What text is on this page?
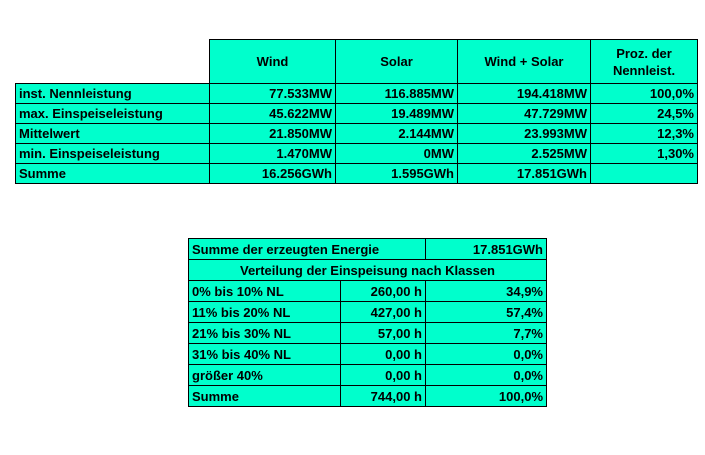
	Wind	Solar	Wind + Solar	Proz. der Nennleist.
inst. Nennleistung	77.533MW	116.885MW	194.418MW	100,0%
max. Einspeiseleistung	45.622MW	19.489MW	47.729MW	24,5%
Mittelwert	21.850MW	2.144MW	23.993MW	12,3%
min. Einspeiseleistung	1.470MW	0MW	2.525MW	1,30%
Summe	16.256GWh	1.595GWh	17.851GWh	
Summe der erzeugten Energie		17.851GWh
Verteilung der Einspeisung nach Klassen		
0% bis 10% NL	260,00 h	34,9%
11% bis 20% NL	427,00 h	57,4%
21% bis 30% NL	57,00 h	7,7%
31% bis 40% NL	0,00 h	0,0%
größer 40%	0,00 h	0,0%
Summe	744,00 h	100,0%
